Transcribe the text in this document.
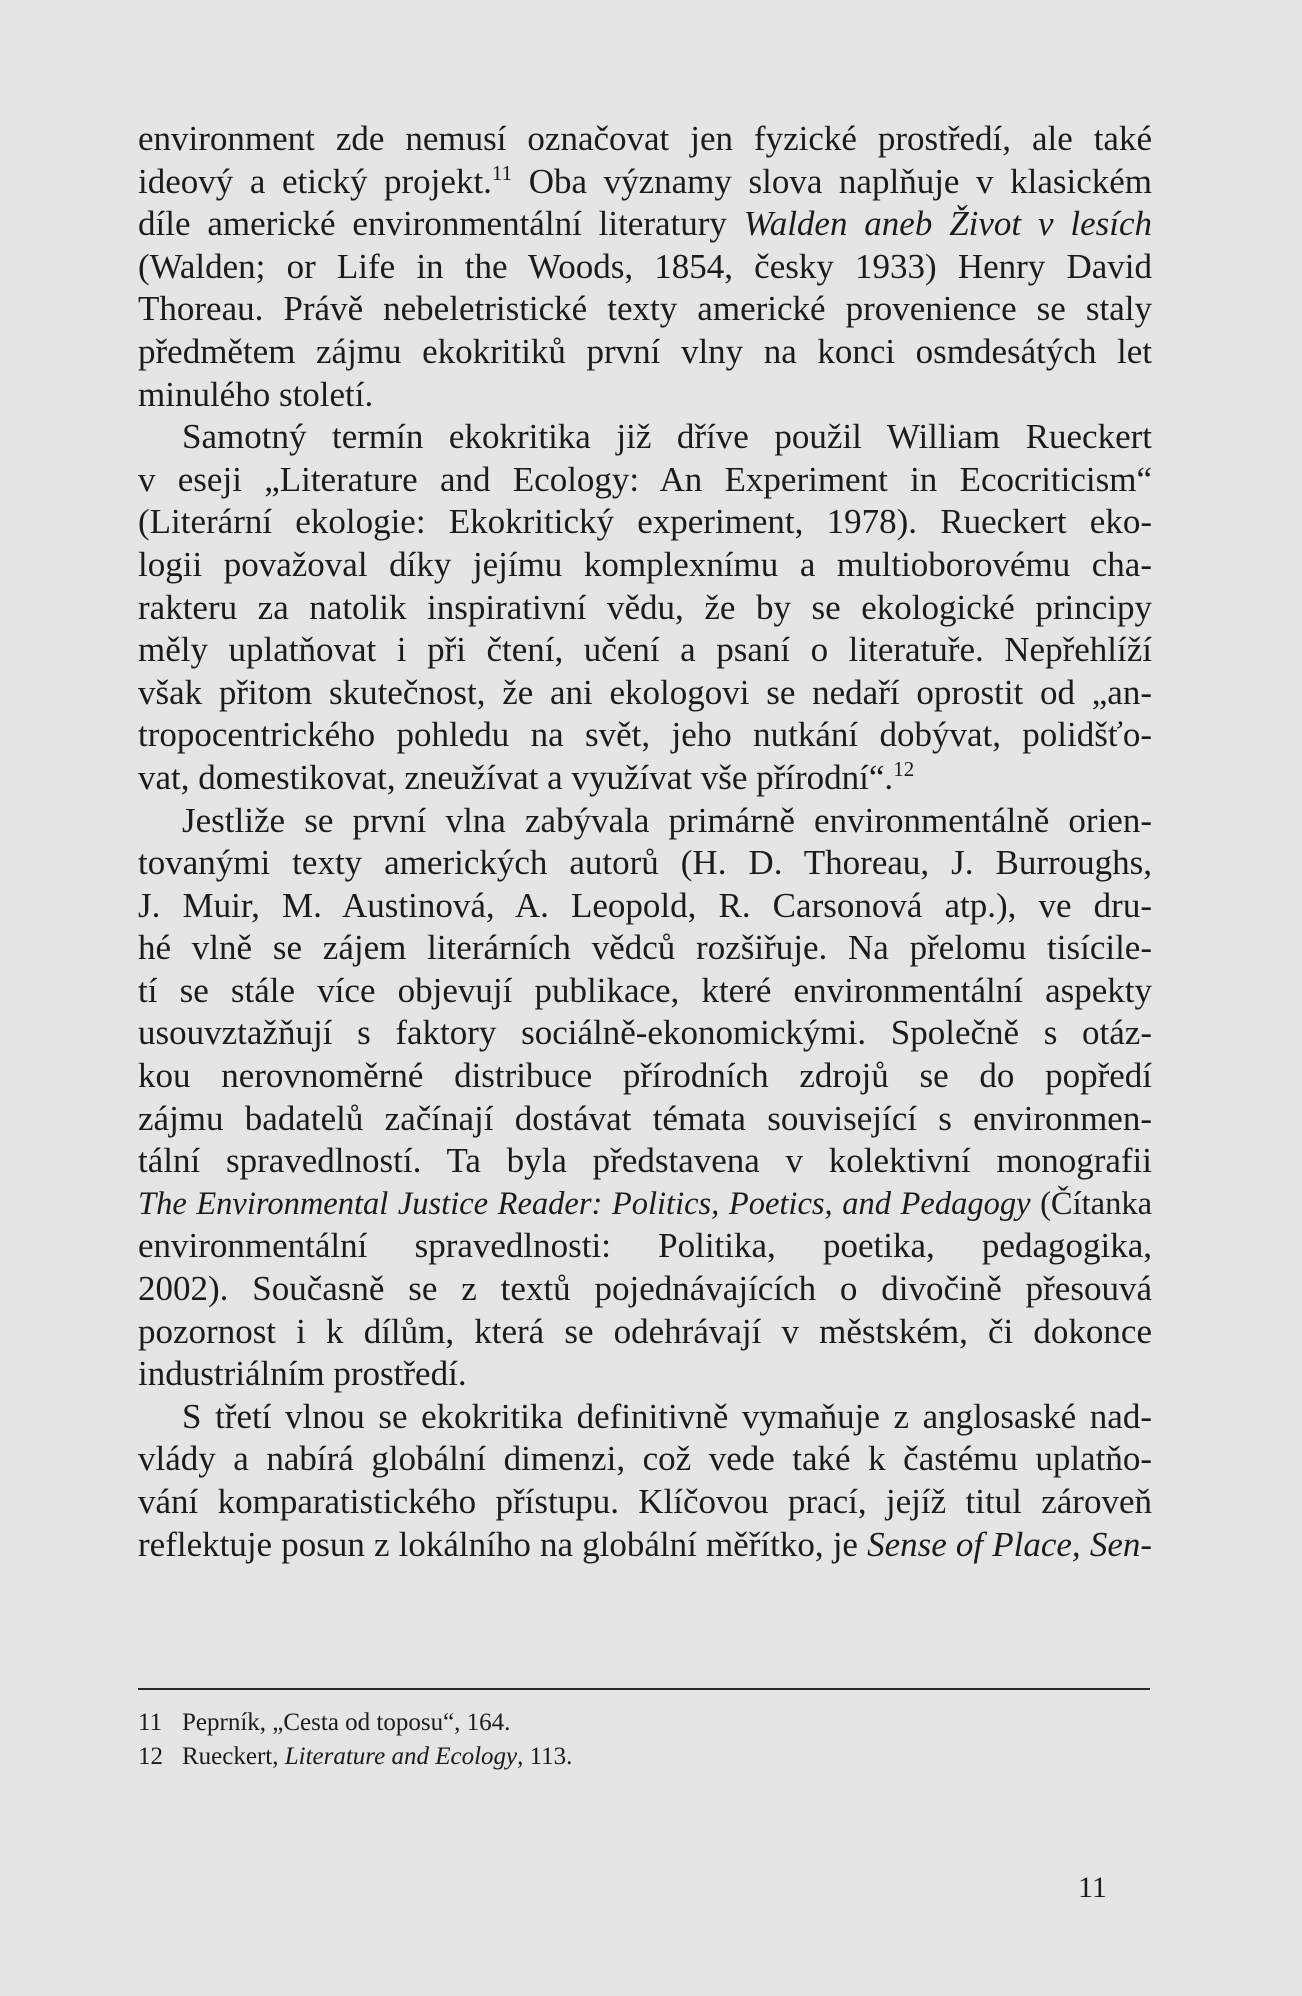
environment zde nemusí označovat jen fyzické prostředí, ale také
ideový a etický projekt.$^{11}$ Oba významy slova naplňuje v klasickém
díle americké environmentální literatury Walden aneb Život v lesích
(Walden; or Life in the Woods, 1854, česky 1933) Henry David
Thoreau. Právě nebeletristické texty americké provenience se staly
předmětem zájmu ekokritiků první vlny na konci osmdesátých let
minulého století.
Samotný termín ekokritika již dříve použil William Rueckert
v eseji „Literature and Ecology: An Experiment in Ecocriticism“
(Literární ekologie: Ekokritický experiment, 1978). Rueckert eko-
logii považoval díky jejímu komplexnímu a multioborovému cha-
rakteru za natolik inspirativní vědu, že by se ekologické principy
měly uplatňovat i při čtení, učení a psaní o literatuře. Nepřehlíží
však přitom skutečnost, že ani ekologovi se nedaří oprostit od „an-
tropocentrického pohledu na svět, jeho nutkání dobývat, polidšťo-
vat, domestikovat, zneužívat a využívat vše přírodní“.$^{12}$
Jestliže se první vlna zabývala primárně environmentálně orien-
tovanými texty amerických autorů (H. D. Thoreau, J. Burroughs,
J. Muir, M. Austinová, A. Leopold, R. Carsonová atp.), ve dru-
hé vlně se zájem literárních vědců rozšiřuje. Na přelomu tisícile-
tí se stále více objevují publikace, které environmentální aspekty
usouvztažňují s faktory sociálně-ekonomickými. Společně s otáz-
kou nerovnoměrné distribuce přírodních zdrojů se do popředí
zájmu badatelů začínají dostávat témata související s environmen-
tální spravedlností. Ta byla představena v kolektivní monografii
The Environmental Justice Reader: Politics, Poetics, and Pedagogy (Čítanka
environmentální spravedlnosti: Politika, poetika, pedagogika,
2002). Současně se z textů pojednávajících o divočině přesouvá
pozornost i k dílům, která se odehrávají v městském, či dokonce
industriálním prostředí.
S třetí vlnou se ekokritika definitivně vymaňuje z anglosaské nad-
vlády a nabírá globální dimenzi, což vede také k častému uplatňo-
vání komparatistického přístupu. Klíčovou prací, jejíž titul zároveň
reflektuje posun z lokálního na globální měřítko, je Sense of Place, Sen-
11 Peprník, „Cesta od toposu“, 164.
12 Rueckert, Literature and Ecology, 113.
11
